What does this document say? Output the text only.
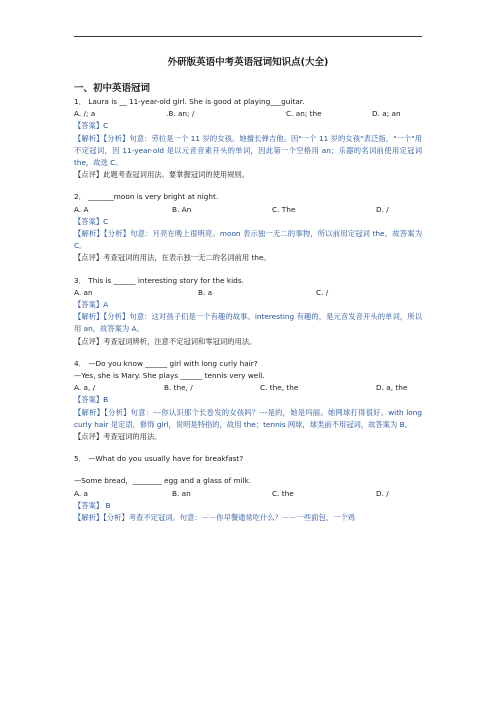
外研版英语中考英语冠词知识点(大全)
一、初中英语冠词

1． Laura is __ 11-year-old girl. She is good at playing___guitar.

A. /; a	.B. an; /	C. an; the	D. a; an

【答案】C

【解析】【分析】句意：劳拉是一个 11 岁的女孩。她擅长弹吉他。因"一个 11 岁的女孩"表泛指，"一个"用不定冠词，因 11-year-old 是以元音音素开头的单词，因此第一个空格用 an；乐器的名词前使用定冠词 the，故选 C。

【点评】此题考查冠词用法。要掌握冠词的使用规则。

2． _______moon is very bright at night.

A. A	B. An	C. The	D. /

【答案】C

【解析】【分析】句意：月亮在晚上很明亮。moon 表示独一无二的事物，所以前用定冠词 the，故答案为 C。

【点评】考查冠词的用法，在表示独一无二的名词前用 the。

3． This is ______ interesting story for the kids.

A. an	B. a	C. /

【答案】A

【解析】【分析】句意：这对孩子们是一个有趣的故事。interesting 有趣的，是元音发音开头的单词，所以用 an，故答案为 A。

【点评】考查冠词辨析，注意不定冠词和零冠词的用法。

4． —Do you know ______ girl with long curly hair?

—Yes, she is Mary. She plays ______ tennis very well.

A. a, /	B. the, /	C. the, the	D. a, the

【答案】B

【解析】【分析】句意：---你认识那个长卷发的女孩吗？---是的，她是玛丽。她网球打得很好。with long curly hair 是定语，修饰 girl，说明是特指的，故用 the；tennis 网球，球类前不用冠词，故答案为 B。

【点评】考查冠词的用法。

5． —What do you usually have for breakfast?

—Some bread，________ egg and a glass of milk.

A. a	B. an	C. the	D. /

【答案】 B

【解析】【分析】考查不定冠词。句意：－－你早餐通常吃什么？－－一些面包、一个鸡
